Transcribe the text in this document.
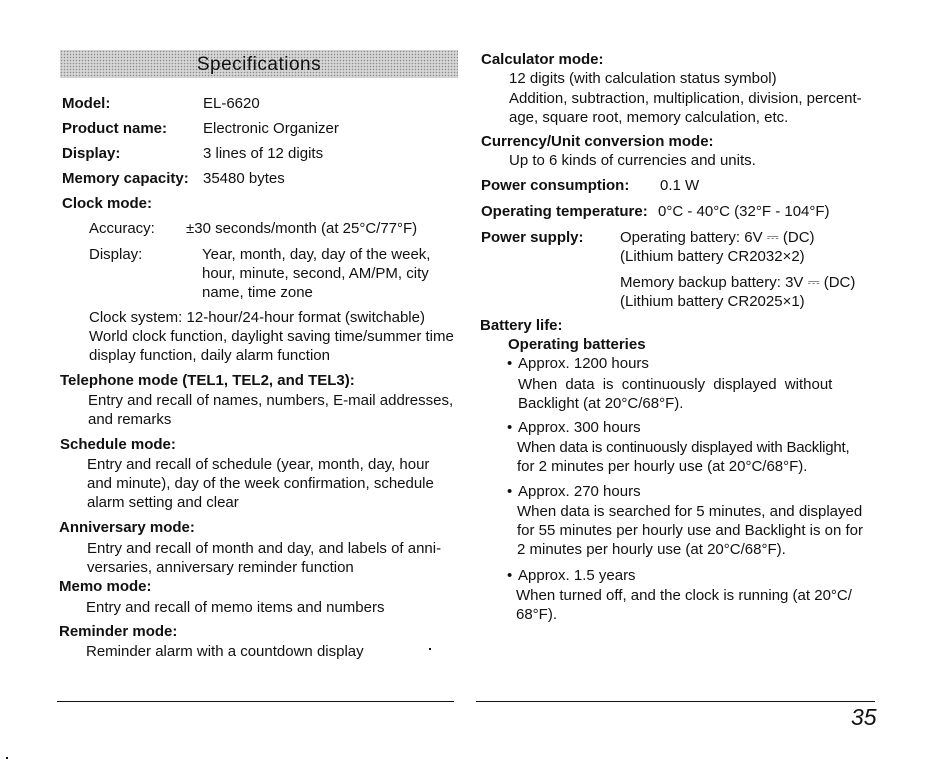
Specifications
Model:	EL-6620
Product name: Electronic Organizer
Display:	3 lines of 12 digits
Memory capacity: 35480 bytes
Clock mode:
Accuracy: ±30 seconds/month (at 25°C/77°F)
Display:	Year, month, day, day of the week,
hour, minute, second, AM/PM, city
name, time zone
Clock system: 12-hour/24-hour format (switchable)
World clock function, daylight saving time/summer time
display function, daily alarm function
Telephone mode (TEL1, TEL2, and TEL3):
Entry and recall of names, numbers, E-mail addresses,
and remarks
Schedule mode:
Entry and recall of schedule (year, month, day, hour
and minute), day of the week confirmation, schedule
alarm setting and clear
Anniversary mode:
Entry and recall of month and day, and labels of anni-
versaries, anniversary reminder function
Memo mode:
Entry and recall of memo items and numbers
Reminder mode:
Reminder alarm with a countdown display
Calculator mode:
12 digits (with calculation status symbol)
Addition, subtraction, multiplication, division, percent-
age, square root, memory calculation, etc.
Currency/Unit conversion mode:
Up to 6 kinds of currencies and units.
Power consumption: 0.1 W
Operating temperature: 0°C - 40°C (32°F - 104°F)
Power supply: Operating battery: 6V ⎓ (DC)
(Lithium battery CR2032×2)
Memory backup battery: 3V ⎓ (DC)
(Lithium battery CR2025×1)
Battery life:
Operating batteries
• Approx. 1200 hours
When data is continuously displayed without
Backlight (at 20°C/68°F).
• Approx. 300 hours
When data is continuously displayed with Backlight,
for 2 minutes per hourly use (at 20°C/68°F).
• Approx. 270 hours
When data is searched for 5 minutes, and displayed
for 55 minutes per hourly use and Backlight is on for
2 minutes per hourly use (at 20°C/68°F).
• Approx. 1.5 years
When turned off, and the clock is running (at 20°C/
68°F).
35
